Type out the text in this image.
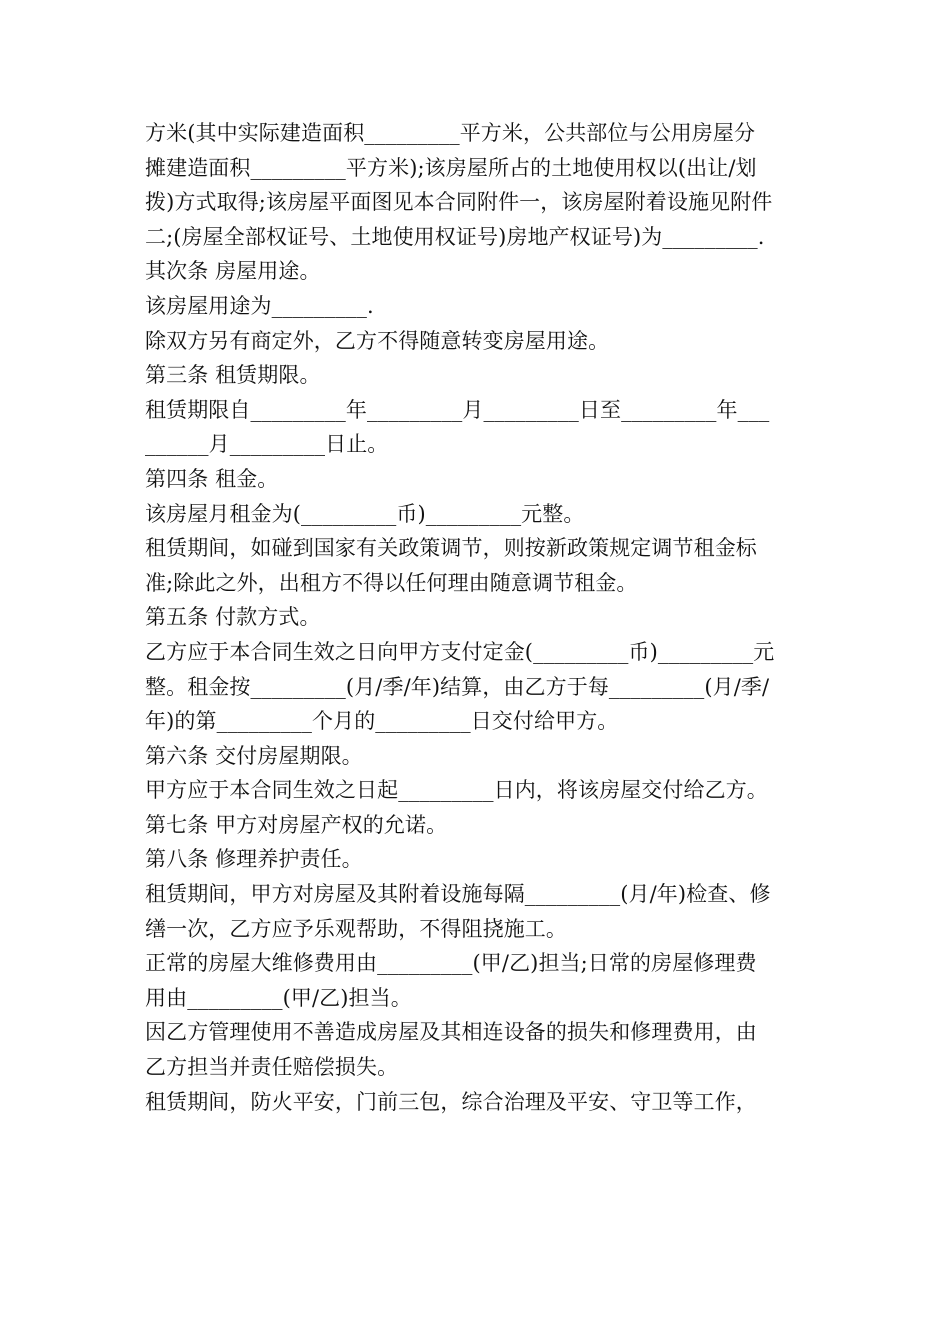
方米(其中实际建造面积_________平方米，公共部位与公用房屋分

摊建造面积_________平方米);该房屋所占的土地使用权以(出让/划

拨)方式取得;该房屋平面图见本合同附件一，该房屋附着设施见附件

二;(房屋全部权证号、土地使用权证号)房地产权证号)为_________.

其次条 房屋用途。

该房屋用途为_________.

除双方另有商定外，乙方不得随意转变房屋用途。

第三条 租赁期限。

租赁期限自_________年_________月_________日至_________年___

______月_________日止。

第四条 租金。

该房屋月租金为(_________币)_________元整。

租赁期间，如碰到国家有关政策调节，则按新政策规定调节租金标

准;除此之外，出租方不得以任何理由随意调节租金。

第五条 付款方式。

乙方应于本合同生效之日向甲方支付定金(_________币)_________元

整。租金按_________(月/季/年)结算，由乙方于每_________(月/季/

年)的第_________个月的_________日交付给甲方。

第六条 交付房屋期限。

甲方应于本合同生效之日起_________日内，将该房屋交付给乙方。

第七条 甲方对房屋产权的允诺。

第八条 修理养护责任。

租赁期间，甲方对房屋及其附着设施每隔_________(月/年)检查、修

缮一次，乙方应予乐观帮助，不得阻挠施工。

正常的房屋大维修费用由_________(甲/乙)担当;日常的房屋修理费

用由_________(甲/乙)担当。

因乙方管理使用不善造成房屋及其相连设备的损失和修理费用，由

乙方担当并责任赔偿损失。

租赁期间，防火平安，门前三包，综合治理及平安、守卫等工作，
